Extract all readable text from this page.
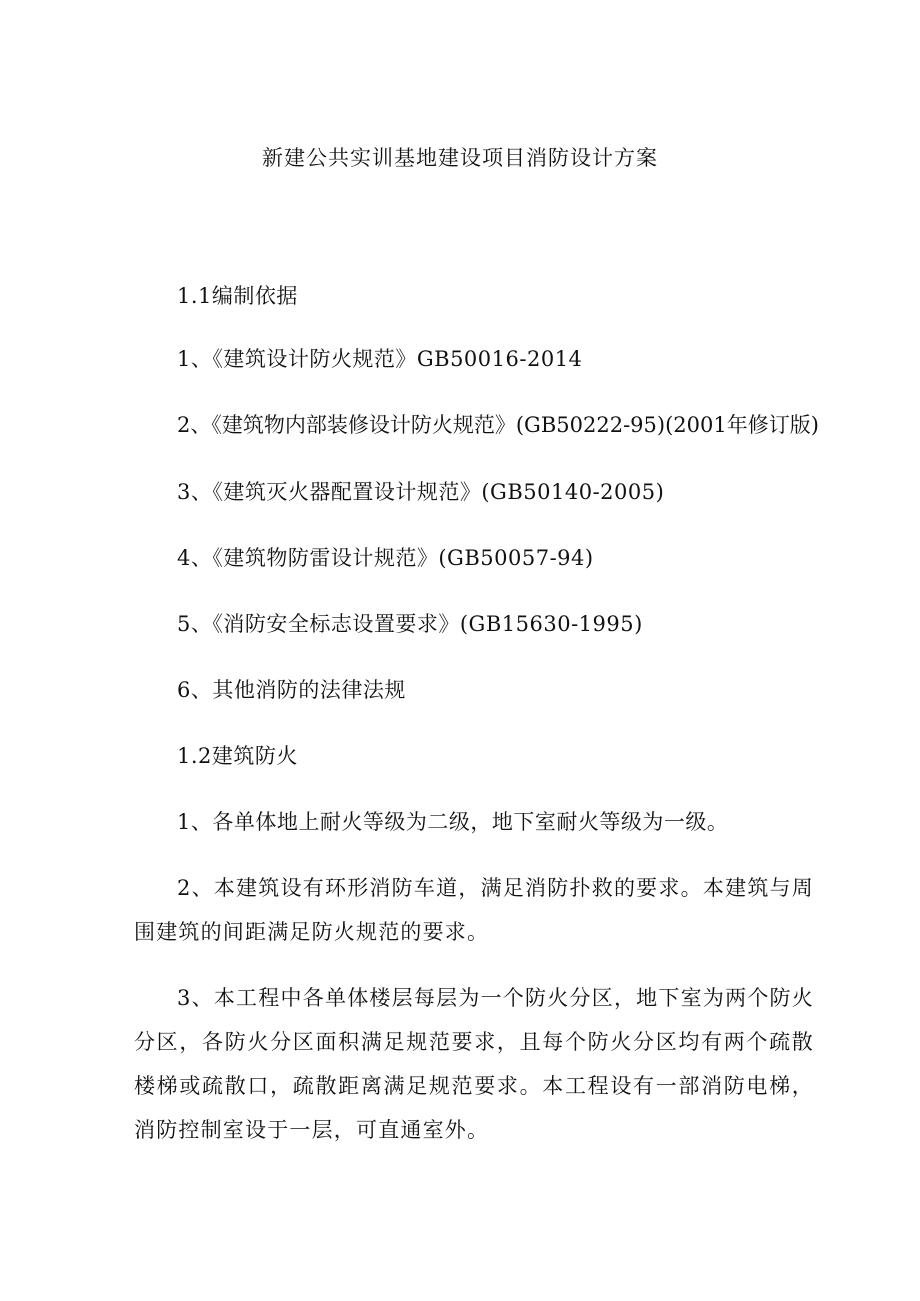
新建公共实训基地建设项目消防设计方案
1.1编制依据
1、《建筑设计防火规范》GB50016-2014
2、《建筑物内部装修设计防火规范》(GB50222-95)(2001年修订版)
3、《建筑灭火器配置设计规范》(GB50140-2005)
4、《建筑物防雷设计规范》(GB50057-94)
5、《消防安全标志设置要求》(GB15630-1995)
6、其他消防的法律法规
1.2建筑防火
1、各单体地上耐火等级为二级，地下室耐火等级为一级。
2、本建筑设有环形消防车道，满足消防扑救的要求。本建筑与周围建筑的间距满足防火规范的要求。
3、本工程中各单体楼层每层为一个防火分区，地下室为两个防火分区，各防火分区面积满足规范要求，且每个防火分区均有两个疏散楼梯或疏散口，疏散距离满足规范要求。本工程设有一部消防电梯，消防控制室设于一层，可直通室外。
